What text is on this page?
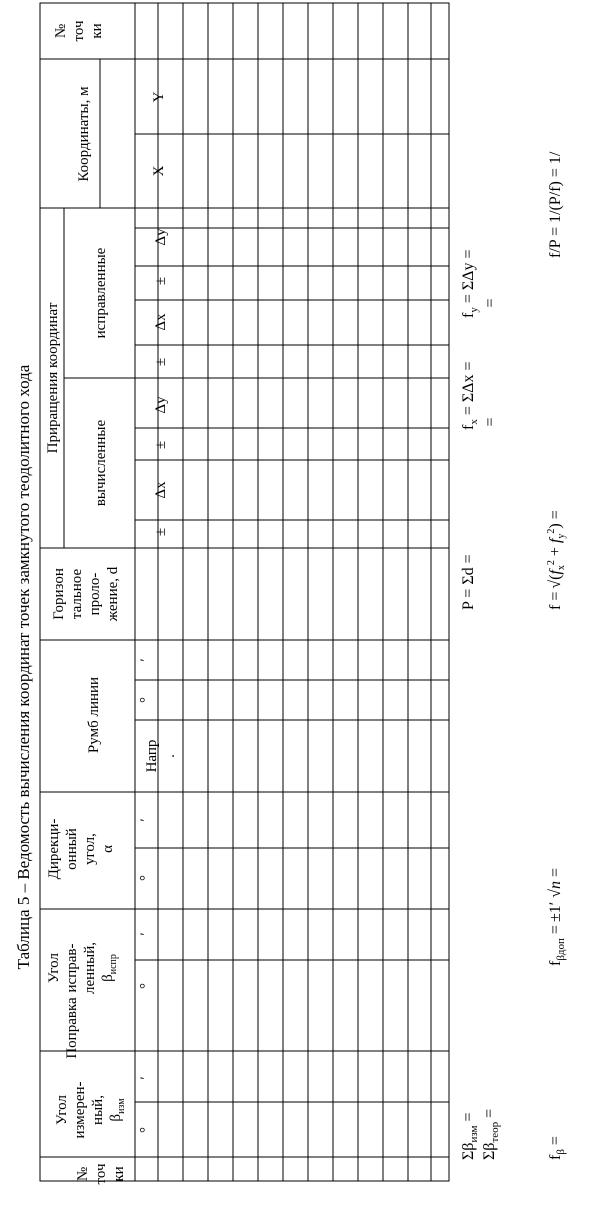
Таблица 5 – Ведомость вычисления координат точек замкнутого теодолитного хода
№ точ ки
Координаты, м	Y
X
Приращения координат
исправленные
вычисленные
Δy
±
Δx
±
Δy
±
Δx
±
Горизон тальное проло- жение, d
Румб линии
′
°
Напр .
Дирекци- онный угол, α
′
°
Угол исправ- ленный, $\beta_{испр}$
′
°
Поправка
Угол измерен- ный, $\beta_{изм}$
′
°
№ точ ки
$\Sigma\beta_{изм}=$
$\Sigma\beta_{теор}=$
$f_\beta=$
$f_{\beta доп}=\pm 1'√n=$
P = Σd =	$f =√(f_x^2 + f_y^2)$ =
$f_x= \Sigma\Delta x$ =
=
$f_y= \Sigma\Delta y$ = =
f/P = 1/(P/f) = 1/
